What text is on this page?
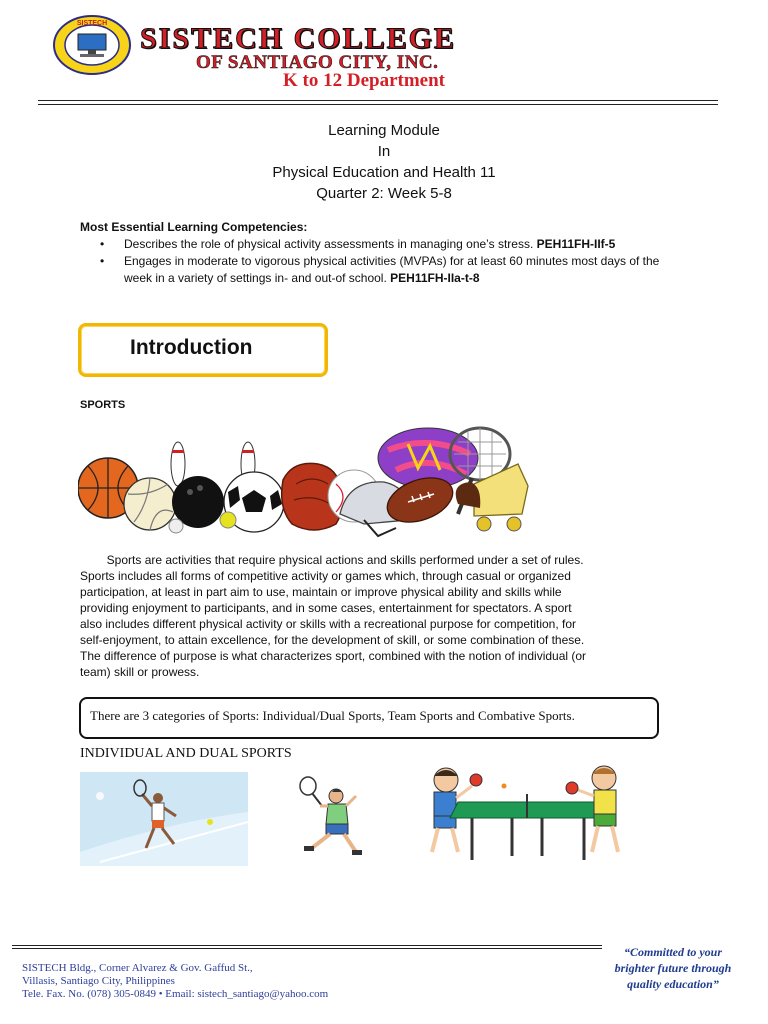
SISTECH SISTECH COLLEGE
OF SANTIAGO CITY, INC.
K to 12 Department
Learning Module
In
Physical Education and Health 11
Quarter 2: Week 5-8
Most Essential Learning Competencies:
• Describes the role of physical activity assessments in managing one’s stress. PEH11FH-IIf-5
• Engages in moderate to vigorous physical activities (MVPAs) for at least 60 minutes most days of the week in a variety of settings in- and out-of school. PEH11FH-IIa-t-8
Introduction
SPORTS
Sports are activities that require physical actions and skills performed under a set of rules.
Sports includes all forms of competitive activity or games which, through casual or organized
participation, at least in part aim to use, maintain or improve physical ability and skills while
providing enjoyment to participants, and in some cases, entertainment for spectators. A sport
also includes different physical activity or skills with a recreational purpose for competition, for
self-enjoyment, to attain excellence, for the development of skill, or some combination of these.
The difference of purpose is what characterizes sport, combined with the notion of individual (or
team) skill or prowess.
There are 3 categories of Sports: Individual/Dual Sports, Team Sports and Combative Sports.
INDIVIDUAL AND DUAL SPORTS
SISTECH Bldg., Corner Alvarez & Gov. Gaffud St.,
Villasis, Santiago City, Philippines
Tele. Fax. No. (078) 305-0849 • Email: sistech_santiago@yahoo.com
“Committed to your
brighter future through
quality education”
